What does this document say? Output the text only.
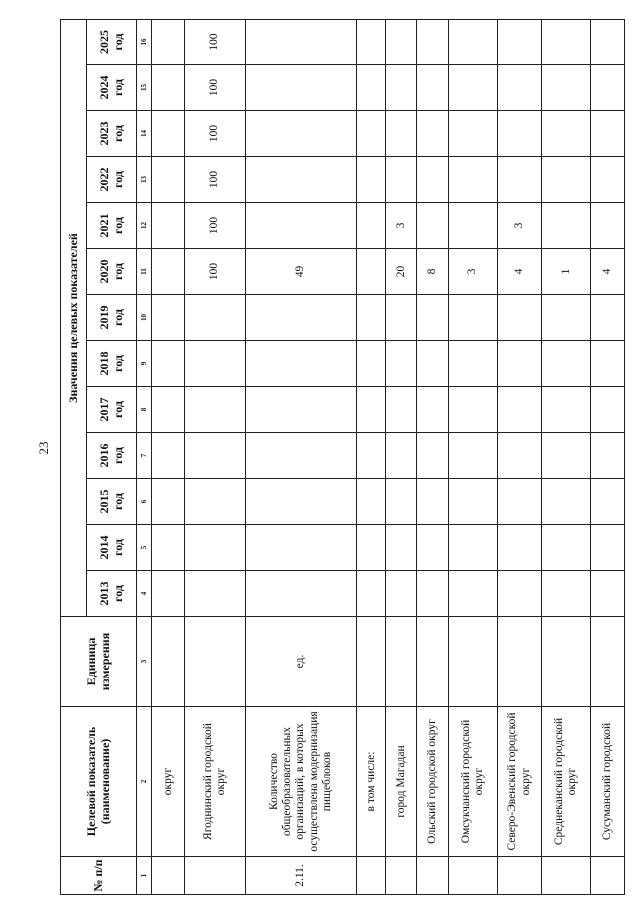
23
№ п/п	Целевой показатель (наименование)	Единица измерения	Значения целевых показателей												
			2013 год	2014 год	2015 год	2016 год	2017 год	2018 год	2019 год	2020 год	2021 год	2022 год	2023 год	2024 год	2025 год
1	2	3	4	5	6	7	8	9	10	11	12	13	14	15	16
	округ														
	Ягоднинский городской округ									100	100	100	100	100	100
2.11.	Количество общеобразовательных организаций, в которых осуществлена модернизация пищеблоков	ед.								49					
	в том числе:														
	город Магадан									20	3				
	Ольский городской округ									8					
	Омсукчанский городской округ									3					
	Северо-Эвенский городской округ									4	3				
	Среднеканский городской округ									1					
	Сусуманский городской									4					
